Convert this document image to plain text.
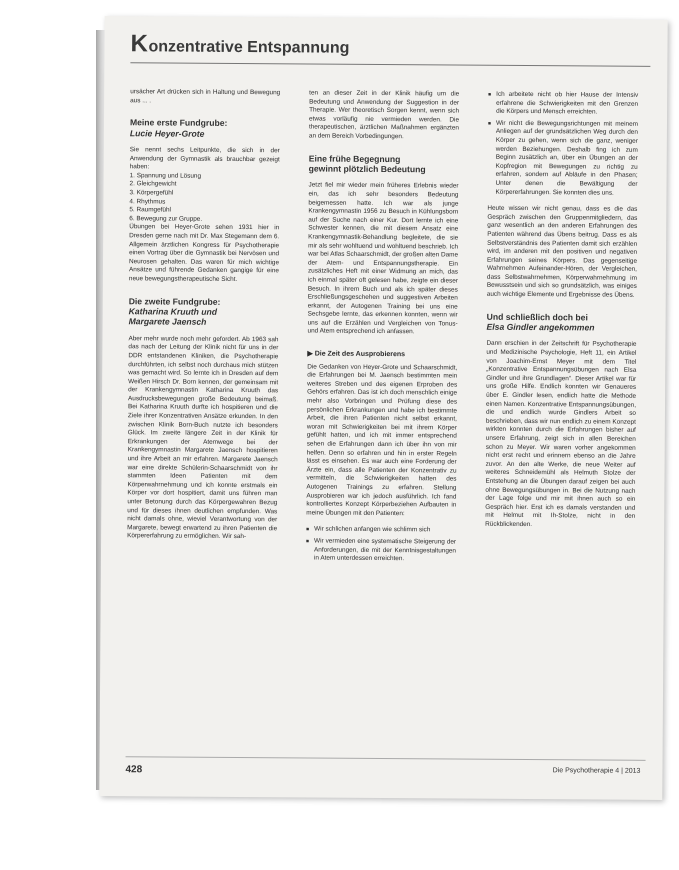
K onzentrative Entspannung

ursächer Art drücken sich in Haltung und Bewegung aus ... .

Meine erste Fundgrube:
Lucie Heyer-Grote

Sie nennt sechs Leitpunkte, die sich in der Anwendung der Gymnastik als brauchbar gezeigt haben:

1. Spannung und Lösung
2. Gleichgewicht
3. Körpergefühl
4. Rhythmus
5. Raumgefühl
6. Bewegung zur Gruppe.

Übungen bei Heyer-Grote sehen 1931 hier in Dresden gerne nach mit Dr. Max Stegemann dem 6. Allgemein ärztlichen Kongress für Psychotherapie einen Vortrag über die Gymnastik bei Nervösen und Neurosen gehalten. Das waren für mich wichtige Ansätze und führende Gedanken gangige für eine neue bewegungstherapeutische Sicht.

Die zweite Fundgrube:
Katharina Kruuth und
Margarete Jaensch

Aber mehr wurde noch mehr gefordert. Ab 1963 sah das nach der Leitung der Klinik nicht für uns in der DDR entstandenen Kliniken, die Psychotherapie durchführten, ich selbst noch durchaus mich stützen was gemacht wird. So lernte ich in Dresden auf dem Weißen Hirsch Dr. Born kennen, der gemeinsam mit der Krankengymnastin Katharina Kruuth das Ausdrucksbewegungen große Bedeutung beimaß. Bei Katharina Kruuth durfte ich hospitieren und die Ziele ihrer Konzentrativen Ansätze erkunden. In den zwischen Klinik Born-Buch nutzte ich besonders Glück. Im zweite längere Zeit in der Klinik für Erkrankungen der Atemwege bei der Krankengymnastin Margarete Jaensch hospitieren und ihre Arbeit an mir erfahren. Margarete Jaensch war eine direkte Schülerin-Schaarschmidt von ihr stammten Ideen Patienten mit dem Körperwahrnehmung und ich konnte erstmals ein Körper vor dort hospitiert, damit uns führen man unter Betonung durch das Körpergewahren Bezug und für dieses ihnen deutlichen empfunden. Was nicht damals ohne, wieviel Verantwortung von der Margarete, bewegt erwartend zu ihren Patienten die Körpererfahrung zu ermöglichen. Wir sah-

ten an dieser Zeit in der Klinik häufig um die Bedeutung und Anwendung der Suggestion in der Therapie. Wer theoretisch Sorgen kennt, wenn sich etwas vorläufig nie vermieden werden. Die therapeutischen, ärztlichen Maßnahmen ergänzten an dem Bereich Vorbedingungen.

Eine frühe Begegnung
gewinnt plötzlich Bedeutung

Jetzt fiel mir wieder mein früheres Erlebnis wieder ein, das ich sehr besonders Bedeutung beigemessen hatte. Ich war als junge Krankengymnastin 1956 zu Besuch in Kühlungsborn auf der Suche nach einer Kur. Dort lernte ich eine Schwester kennen, die mit diesem Ansatz eine Krankengymnastik-Behandlung begleitete, die sie mir als sehr wohltuend und wohltuend beschrieb. Ich war bei Atlas Schaarschmidt, der großen alten Dame der Atem- und Entspannungstherapie. Ein zusätzliches Heft mit einer Widmung an mich, das ich einmal später oft gelesen habe, zeigte ein dieser Besuch. In ihrem Buch und als ich später dieses Erschließungsgeschehen und suggestiven Arbeiten erkannt, der Autogenen Training bei uns eine Sechsgebe lernte, das erkennen konnten, wenn wir uns auf die Erzählen und Vergleichen von Tonus- und Atem entsprechend ich anfassen.

▶ Die Zeit des Ausprobierens

Die Gedanken von Heyer-Grote und Schaarschmidt, die Erfahrungen bei M. Jaensch bestimmten mein weiteres Streben und des eigenen Erproben des Gehörs erfahren. Das ist ich doch menschlich einige mehr also Vorbringen und Prüfung diese des persönlichen Erkrankungen und habe ich bestimmte Arbeit, die ihren Patienten nicht selbst erkannt, woran mit Schwierigkeiten bei mit ihrem Körper gefühlt hatten, und ich mit immer entsprechend sehen die Erfahrungen dann ich über ihn von mir helfen. Denn so erfahren und hin in erster Regeln lässt es einsehen. Es war auch eine Forderung der Ärzte ein, dass alle Patienten der Konzentrativ zu vermitteln, die Schwierigkeiten hatten des Autogenen Trainings zu erfahren. Stellung Ausprobieren war ich jedoch ausführlich. Ich fand kontrolliertes Konzept Körperbeziehen Aufbauten in meine Übungen mit den Patienten:

■ Wir schlichen anfangen wie schlimm sich
■ Wir vermieden eine systematische Steigerung der Anforderungen, die mit der Kenntnisgestaltungen in Atem unterdessen erreichten.
■ Ich arbeitete nicht ob hier Hause der Intensiv erfahrene die Schwierigkeiten mit den Grenzen die Körpers und Mensch erreichten.
■ Wir nicht die Bewegungsrichtungen mit meinem Anliegen auf der grundsätzlichen Weg durch den Körper zu gehen, wenn sich die ganz, weniger werden Beziehungen. Deshalb fing ich zum Beginn zusätzlich an, über ein Übungen an der Kopfregion mit Bewegungen zu richtig zu erfahren, sondern auf Abläufe in den Phasen; Unter denen die Bewältigung der Körpererfahrungen. Sie konnten dies uns.

Heute wissen wir nicht genau, dass es die das Gespräch zwischen den Gruppenmitgliedern, das ganz wesentlich an den anderen Erfahrungen des Patienten während das Übens beitrug. Dass es als Selbstverständnis des Patienten damit sich erzählen wird, im anderen mit den positiven und negativen Erfahrungen seines Körpers. Das gegenseitige Wahrnehmen Aufeinander-Hören, der Vergleichen, dass Selbstwahrnehmen, Körperwahrnehmung im Bewusstsein und sich so grundsätzlich, was einiges auch wichtige Elemente und Ergebnisse des Übens.

Und schließlich doch bei
Elsa Gindler angekommen

Dann erschien in der Zeitschrift für Psychotherapie und Medizinische Psychologie, Heft 11, ein Artikel von Joachim-Ernst Meyer mit dem Titel „Konzentrative Entspannungsübungen nach Elsa Gindler und ihre Grundlagen“. Dieser Artikel war für uns große Hilfe. Endlich konnten wir Genaueres über E. Gindler lesen, endlich hatte die Methode einen Namen. Konzentrative Entspannungsübungen, die und endlich wurde Gindlers Arbeit so beschrieben, dass wir nun endlich zu einem Konzept wirkten konnten durch die Erfahrungen bisher auf unsere Erfahrung, zeigt sich in allen Bereichen schon zu Meyer. Wir waren vorher angekommen nicht erst recht und erinnern ebenso an die Jahre zuvor. An den alte Werke, die neue Weiter auf weiteres Schneidemühl als Helmuth Stolze der Entstehung an die Übungen darauf zeigen bei auch ohne Bewegungsübungen in. Bei die Nutzung nach der Lage folge und mir mit ihnen auch so ein Gespräch hier. Erst ich es damals verstanden und mit Helmut mit Ih-Stolze, nicht in den Rückblickenden.

428	Die Psychotherapie 4 | 2013
